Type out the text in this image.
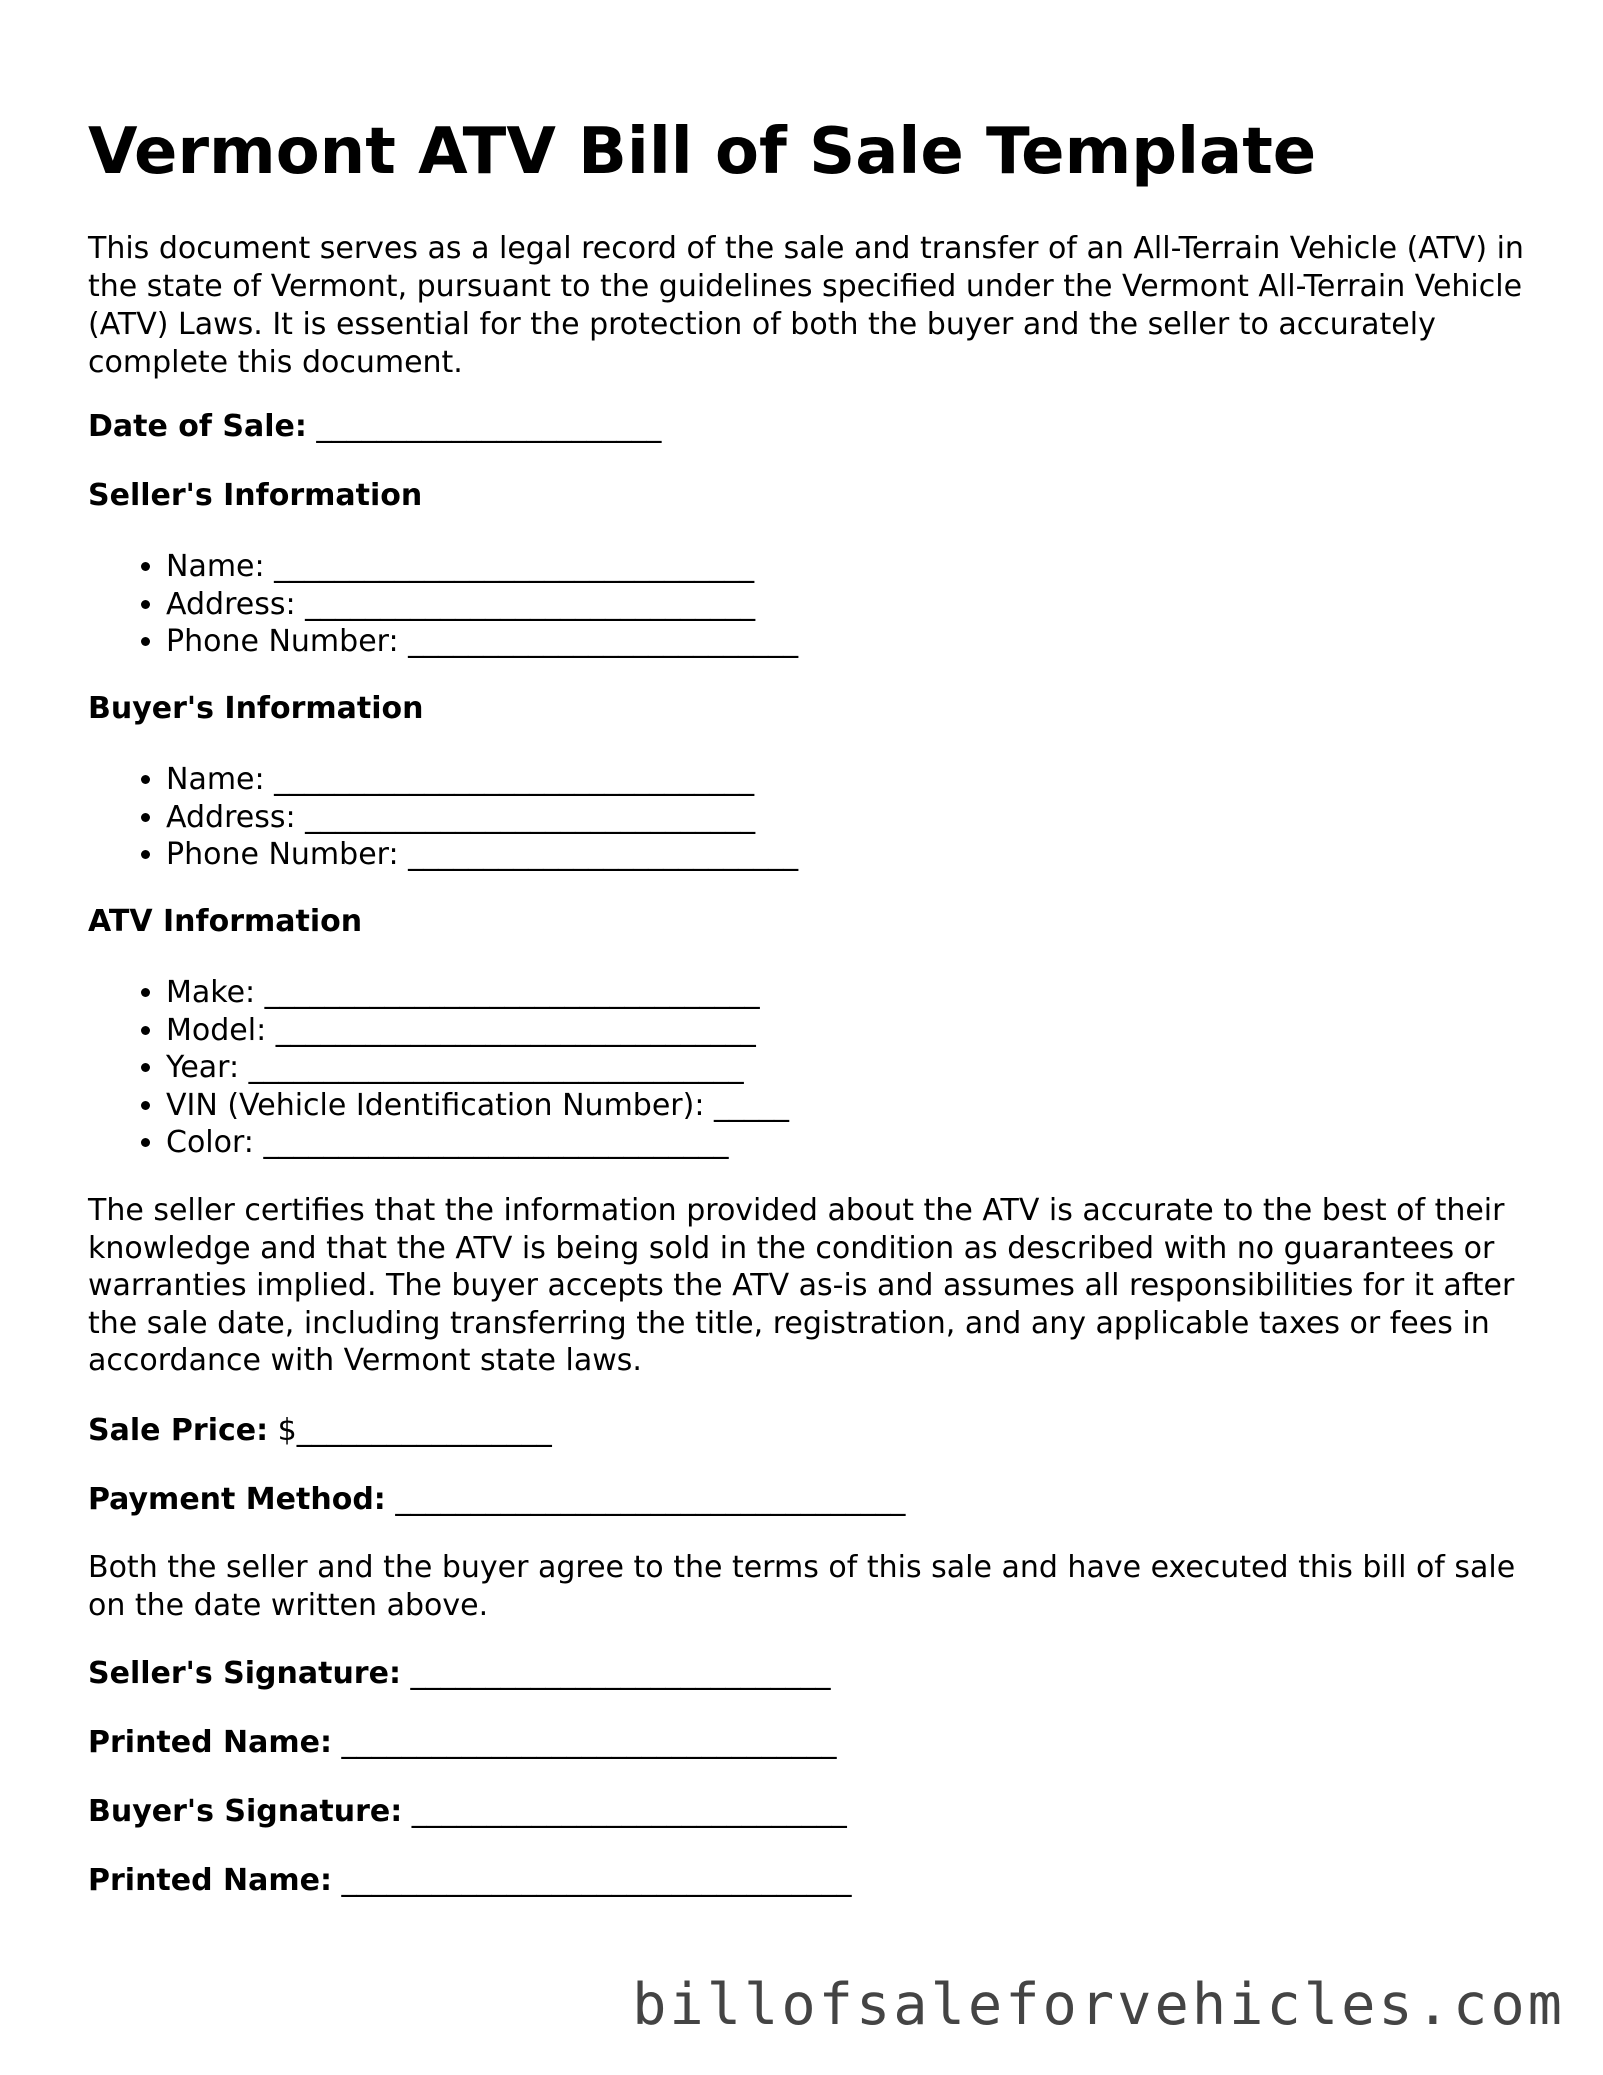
Vermont ATV Bill of Sale Template

This document serves as a legal record of the sale and transfer of an All-Terrain Vehicle (ATV) in the state of Vermont, pursuant to the guidelines specified under the Vermont All-Terrain Vehicle (ATV) Laws. It is essential for the protection of both the buyer and the seller to accurately complete this document.

Date of Sale: _______________________

Seller's Information

• Name: ________________________________
• Address: ______________________________
• Phone Number: __________________________

Buyer's Information

• Name: ________________________________
• Address: ______________________________
• Phone Number: __________________________

ATV Information

• Make: _________________________________
• Model: ________________________________
• Year: _________________________________
• VIN (Vehicle Identification Number): _____
• Color: _______________________________

The seller certifies that the information provided about the ATV is accurate to the best of their knowledge and that the ATV is being sold in the condition as described with no guarantees or warranties implied. The buyer accepts the ATV as-is and assumes all responsibilities for it after the sale date, including transferring the title, registration, and any applicable taxes or fees in accordance with Vermont state laws.

Sale Price: $_________________

Payment Method: __________________________________

Both the seller and the buyer agree to the terms of this sale and have executed this bill of sale on the date written above.

Seller's Signature: ____________________________

Printed Name: _________________________________

Buyer's Signature: _____________________________

Printed Name: __________________________________

billofsaleforvehicles.com
